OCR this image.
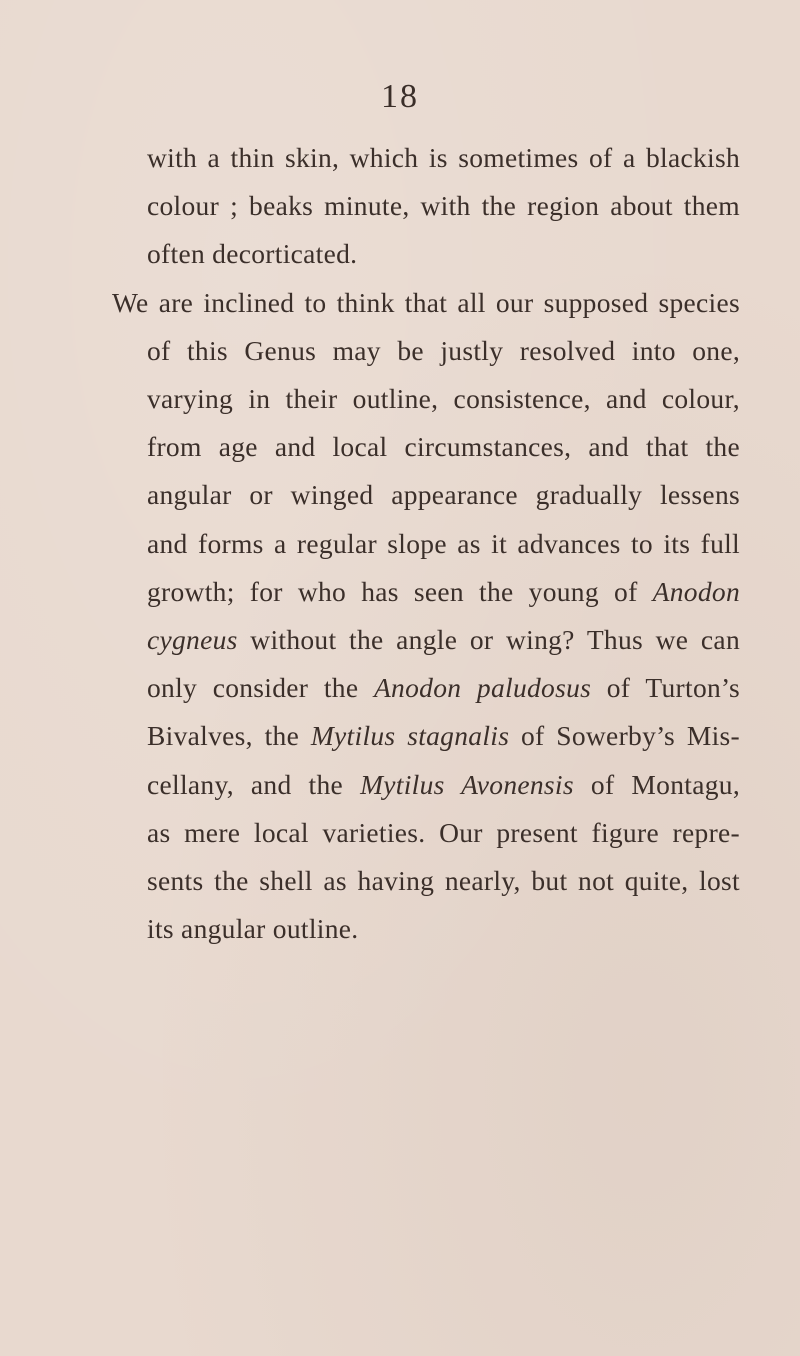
18
with a thin skin, which is sometimes of a blackish
colour ; beaks minute, with the region about them
often decorticated.
We are inclined to think that all our supposed species
of this Genus may be justly resolved into one,
varying in their outline, consistence, and colour,
from age and local circumstances, and that the
angular or winged appearance gradually lessens
and forms a regular slope as it advances to its full
growth; for who has seen the young of Anodon
cygneus without the angle or wing? Thus we can
only consider the Anodon paludosus of Turton’s
Bivalves, the Mytilus stagnalis of Sowerby’s Mis-
cellany, and the Mytilus Avonensis of Montagu,
as mere local varieties. Our present figure repre-
sents the shell as having nearly, but not quite, lost
its angular outline.
